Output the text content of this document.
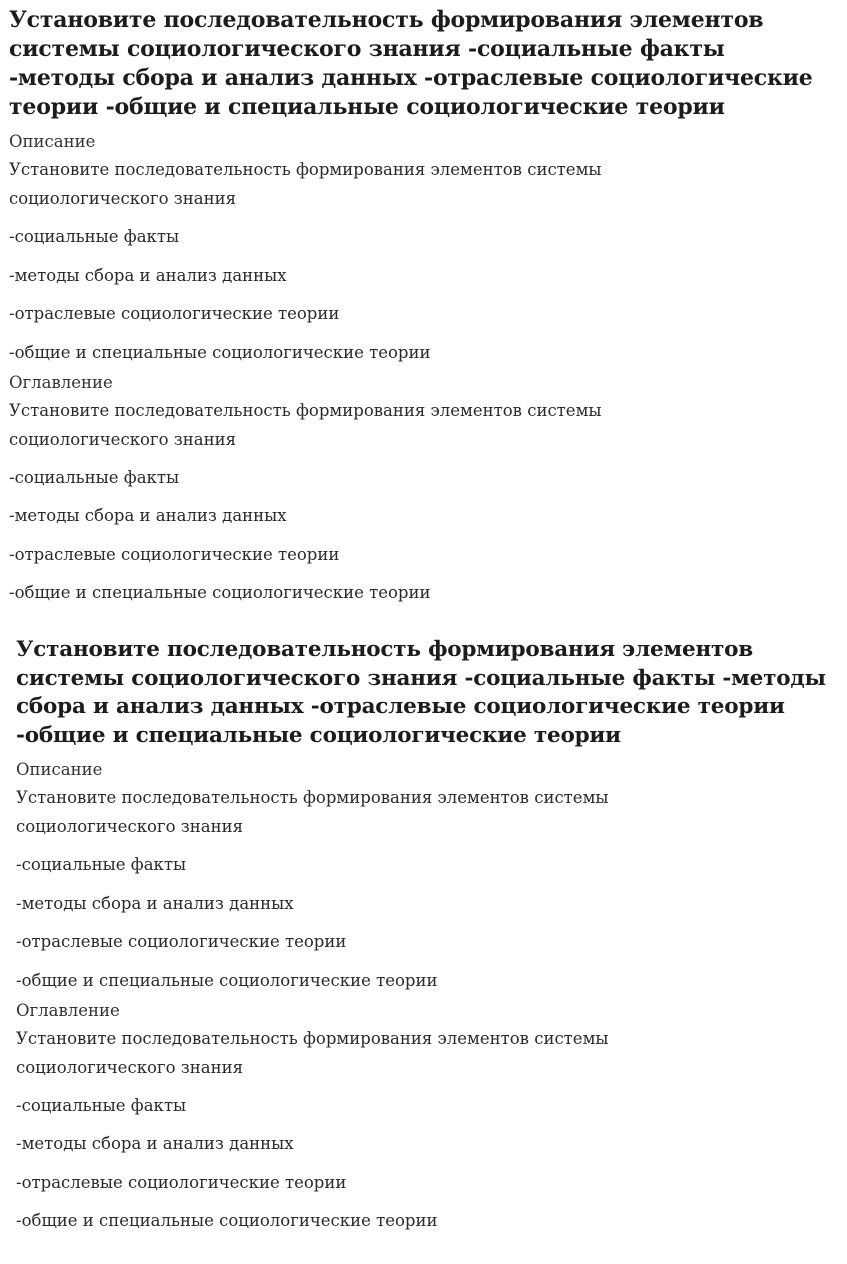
Установите последовательность формирования элементов системы социологического знания -социальные факты -методы сбора и анализ данных -отраслевые социологические теории -общие и специальные социологические теории

Описание

Установите последовательность формирования элементов системы социологического знания

-социальные факты

-методы сбора и анализ данных

-отраслевые социологические теории

-общие и специальные социологические теории

Оглавление

Установите последовательность формирования элементов системы социологического знания

-социальные факты

-методы сбора и анализ данных

-отраслевые социологические теории

-общие и специальные социологические теории

Установите последовательность формирования элементов системы социологического знания -социальные факты -методы сбора и анализ данных -отраслевые социологические теории -общие и специальные социологические теории

Описание

Установите последовательность формирования элементов системы социологического знания

-социальные факты

-методы сбора и анализ данных

-отраслевые социологические теории

-общие и специальные социологические теории

Оглавление

Установите последовательность формирования элементов системы социологического знания

-социальные факты

-методы сбора и анализ данных

-отраслевые социологические теории

-общие и специальные социологические теории
